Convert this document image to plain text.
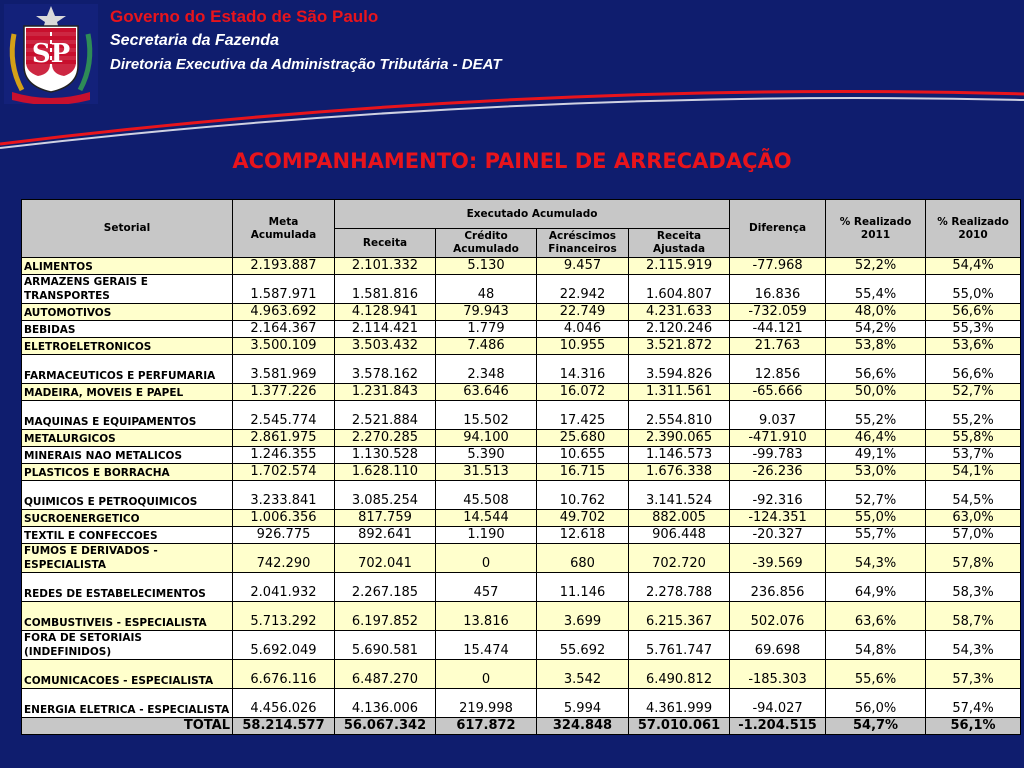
SP
Governo do Estado de São Paulo
Secretaria da Fazenda
Diretoria Executiva da Administração Tributária - DEAT
ACOMPANHAMENTO: PAINEL DE ARRECADAÇÃO
Setorial	Meta Acumulada	Executado Acumulado				Diferença	% Realizado 2011	% Realizado 2010
		Receita	Crédito Acumulado	Acréscimos Financeiros	Receita Ajustada			
ALIMENTOS	2.193.887	2.101.332	5.130	9.457	2.115.919	-77.968	52,2%	54,4%
ARMAZENS GERAIS E TRANSPORTES	1.587.971	1.581.816	48	22.942	1.604.807	16.836	55,4%	55,0%
AUTOMOTIVOS	4.963.692	4.128.941	79.943	22.749	4.231.633	-732.059	48,0%	56,6%
BEBIDAS	2.164.367	2.114.421	1.779	4.046	2.120.246	-44.121	54,2%	55,3%
ELETROELETRONICOS	3.500.109	3.503.432	7.486	10.955	3.521.872	21.763	53,8%	53,6%
FARMACEUTICOS E PERFUMARIA	3.581.969	3.578.162	2.348	14.316	3.594.826	12.856	56,6%	56,6%
MADEIRA, MOVEIS E PAPEL	1.377.226	1.231.843	63.646	16.072	1.311.561	-65.666	50,0%	52,7%
MAQUINAS E EQUIPAMENTOS	2.545.774	2.521.884	15.502	17.425	2.554.810	9.037	55,2%	55,2%
METALURGICOS	2.861.975	2.270.285	94.100	25.680	2.390.065	-471.910	46,4%	55,8%
MINERAIS NAO METALICOS	1.246.355	1.130.528	5.390	10.655	1.146.573	-99.783	49,1%	53,7%
PLASTICOS E BORRACHA	1.702.574	1.628.110	31.513	16.715	1.676.338	-26.236	53,0%	54,1%
QUIMICOS E PETROQUIMICOS	3.233.841	3.085.254	45.508	10.762	3.141.524	-92.316	52,7%	54,5%
SUCROENERGETICO	1.006.356	817.759	14.544	49.702	882.005	-124.351	55,0%	63,0%
TEXTIL E CONFECCOES	926.775	892.641	1.190	12.618	906.448	-20.327	55,7%	57,0%
FUMOS E DERIVADOS - ESPECIALISTA	742.290	702.041	0	680	702.720	-39.569	54,3%	57,8%
REDES DE ESTABELECIMENTOS	2.041.932	2.267.185	457	11.146	2.278.788	236.856	64,9%	58,3%
COMBUSTIVEIS - ESPECIALISTA	5.713.292	6.197.852	13.816	3.699	6.215.367	502.076	63,6%	58,7%
FORA DE SETORIAIS (INDEFINIDOS)	5.692.049	5.690.581	15.474	55.692	5.761.747	69.698	54,8%	54,3%
COMUNICACOES - ESPECIALISTA	6.676.116	6.487.270	0	3.542	6.490.812	-185.303	55,6%	57,3%
ENERGIA ELETRICA - ESPECIALISTA	4.456.026	4.136.006	219.998	5.994	4.361.999	-94.027	56,0%	57,4%
TOTAL	58.214.577	56.067.342	617.872	324.848	57.010.061	-1.204.515	54,7%	56,1%
